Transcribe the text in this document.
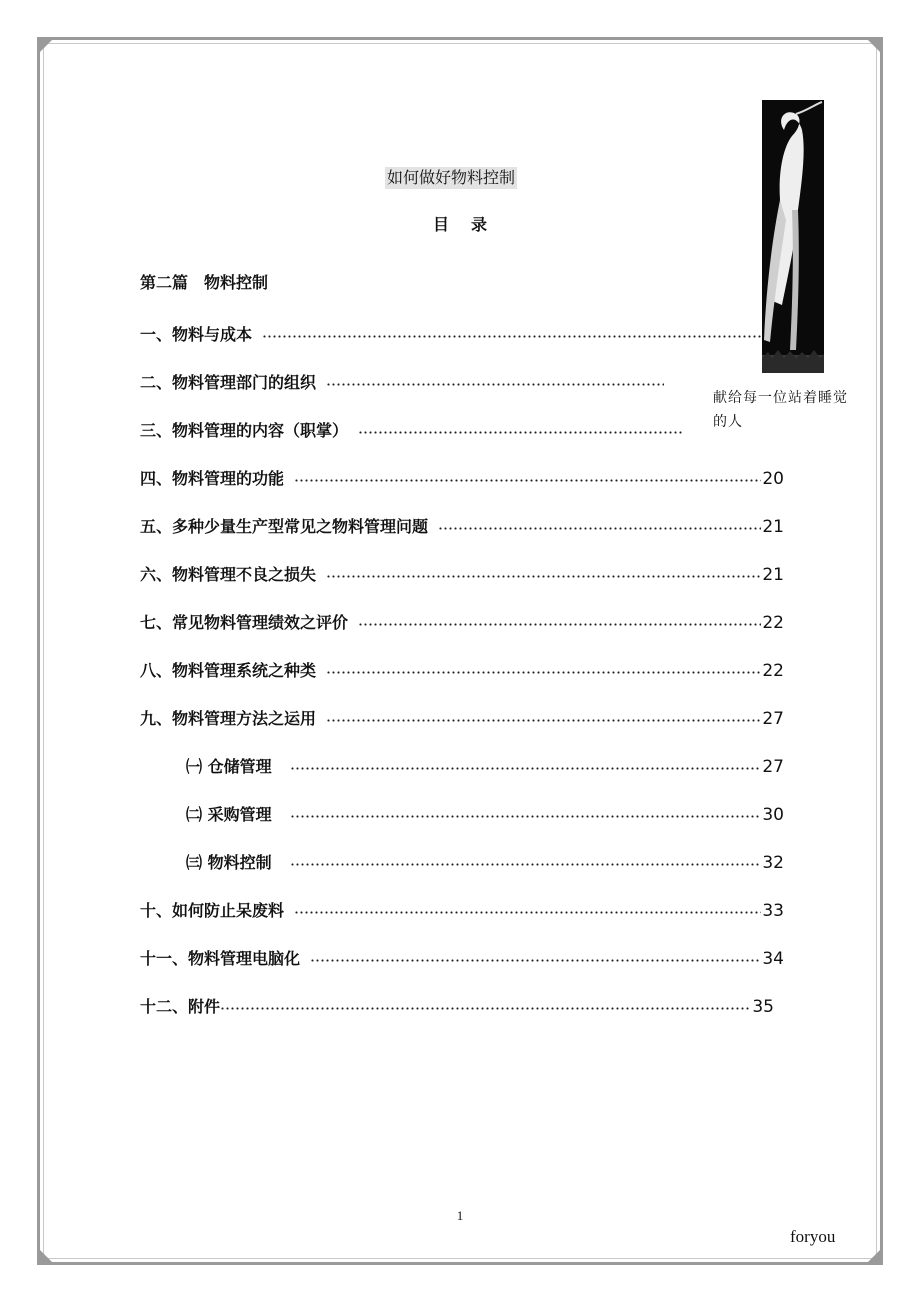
如何做好物料控制
目录
第二篇　物料控制
一、物料与成本
二、物料管理部门的组织
三、物料管理的内容（职掌）
四、物料管理的功能	20
五、多种少量生产型常见之物料管理问题	21
六、物料管理不良之损失	21
七、常见物料管理绩效之评价	22
八、物料管理系统之种类	22
九、物料管理方法之运用	27
㈠ 仓储管理	27
㈡ 采购管理	30
㈢ 物料控制	32
十、如何防止呆废料	33
十一、物料管理电脑化	34
十二、附件	35
献给每一位站着睡觉
的人
1
foryou
